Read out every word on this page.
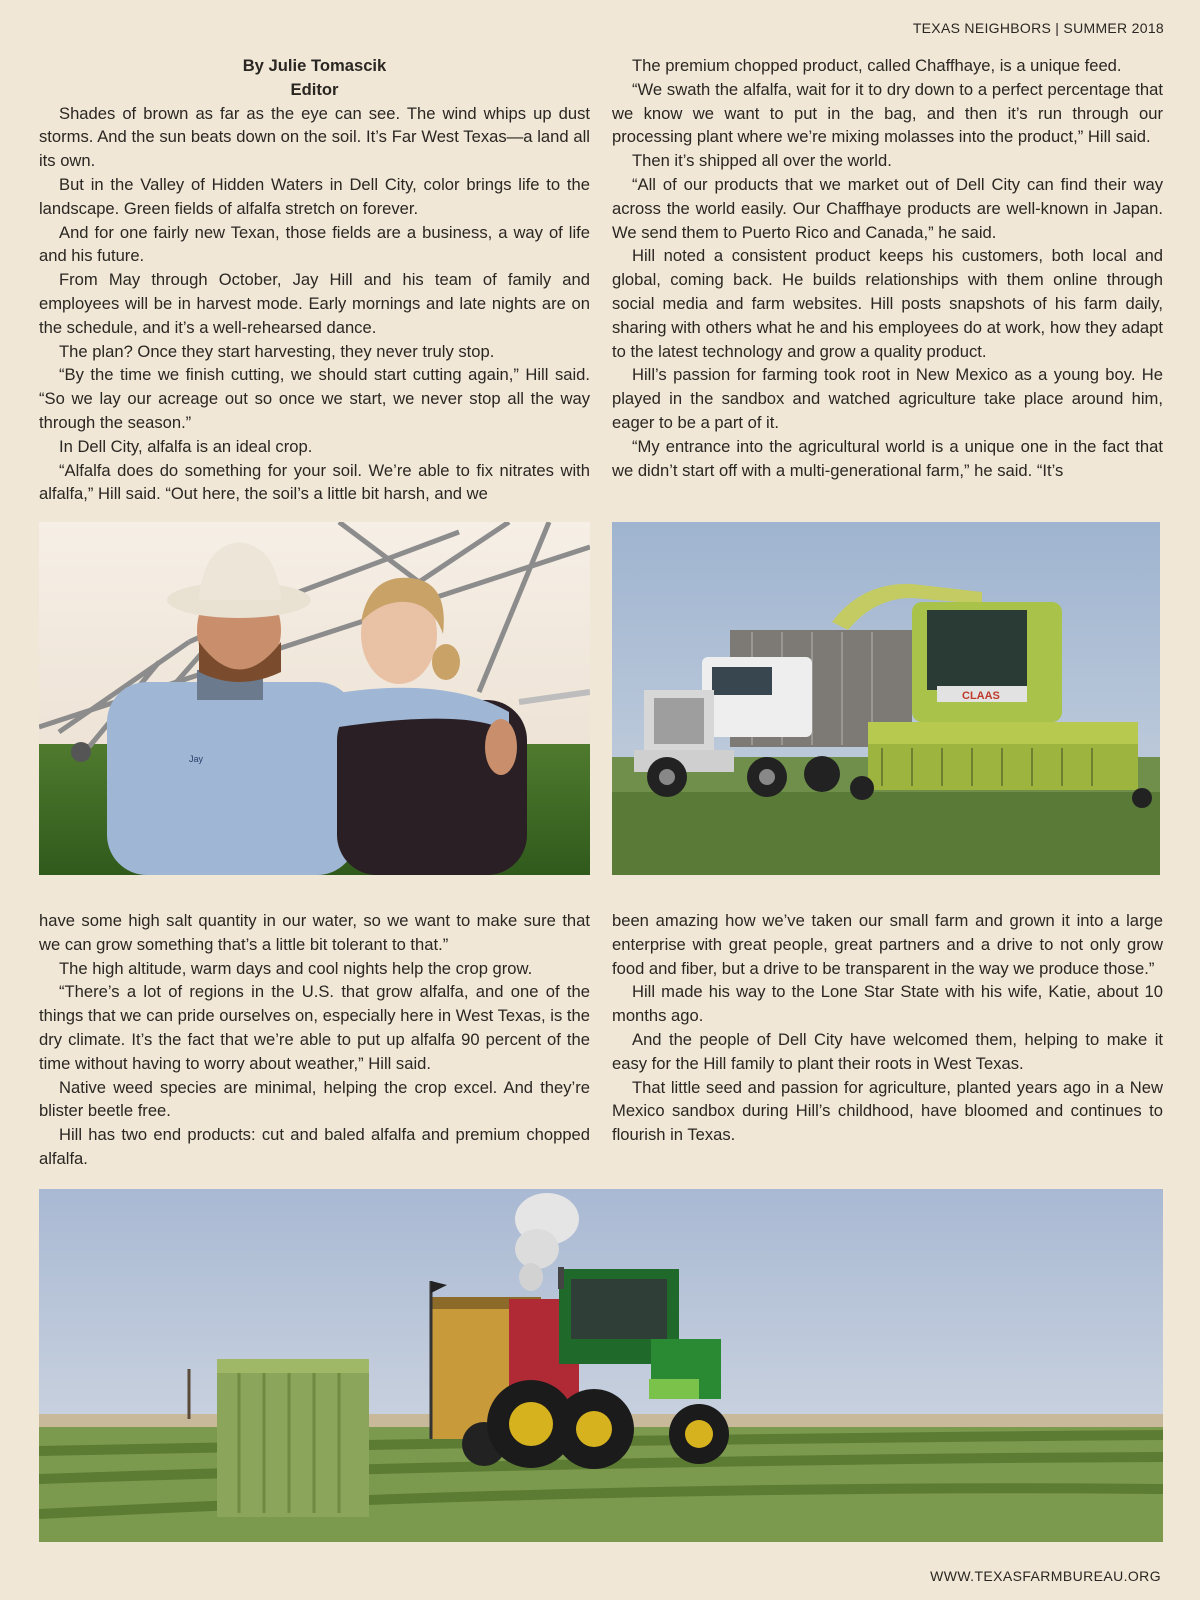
TEXAS NEIGHBORS | SUMMER 2018
By Julie Tomascik
Editor

Shades of brown as far as the eye can see. The wind whips up dust storms. And the sun beats down on the soil. It’s Far West Texas—a land all its own.

But in the Valley of Hidden Waters in Dell City, color brings life to the landscape. Green fields of alfalfa stretch on forever.

And for one fairly new Texan, those fields are a business, a way of life and his future.

From May through October, Jay Hill and his team of family and employees will be in harvest mode. Early mornings and late nights are on the schedule, and it’s a well-rehearsed dance.

The plan? Once they start harvesting, they never truly stop.

“By the time we finish cutting, we should start cutting again,” Hill said. “So we lay our acreage out so once we start, we never stop all the way through the season.”

In Dell City, alfalfa is an ideal crop.

“Alfalfa does do something for your soil. We’re able to fix nitrates with alfalfa,” Hill said. “Out here, the soil’s a little bit harsh, and we

The premium chopped product, called Chaffhaye, is a unique feed.

“We swath the alfalfa, wait for it to dry down to a perfect percentage that we know we want to put in the bag, and then it’s run through our processing plant where we’re mixing molasses into the product,” Hill said.

Then it’s shipped all over the world.

“All of our products that we market out of Dell City can find their way across the world easily. Our Chaffhaye products are well-known in Japan. We send them to Puerto Rico and Canada,” he said.

Hill noted a consistent product keeps his customers, both local and global, coming back. He builds relationships with them online through social media and farm websites. Hill posts snapshots of his farm daily, sharing with others what he and his employees do at work, how they adapt to the latest technology and grow a quality product.

Hill’s passion for farming took root in New Mexico as a young boy. He played in the sandbox and watched agriculture take place around him, eager to be a part of it.

“My entrance into the agricultural world is a unique one in the fact that we didn’t start off with a multi-generational farm,” he said. “It’s

Jay
CLAAS

have some high salt quantity in our water, so we want to make sure that we can grow something that’s a little bit tolerant to that.”

The high altitude, warm days and cool nights help the crop grow.

“There’s a lot of regions in the U.S. that grow alfalfa, and one of the things that we can pride ourselves on, especially here in West Texas, is the dry climate. It’s the fact that we’re able to put up alfalfa 90 percent of the time without having to worry about weather,” Hill said.

Native weed species are minimal, helping the crop excel. And they’re blister beetle free.

Hill has two end products: cut and baled alfalfa and premium chopped alfalfa.

been amazing how we’ve taken our small farm and grown it into a large enterprise with great people, great partners and a drive to not only grow food and fiber, but a drive to be transparent in the way we produce those.”

Hill made his way to the Lone Star State with his wife, Katie, about 10 months ago.

And the people of Dell City have welcomed them, helping to make it easy for the Hill family to plant their roots in West Texas.

That little seed and passion for agriculture, planted years ago in a New Mexico sandbox during Hill’s childhood, have bloomed and continues to flourish in Texas.

WWW.TEXASFARMBUREAU.ORG
